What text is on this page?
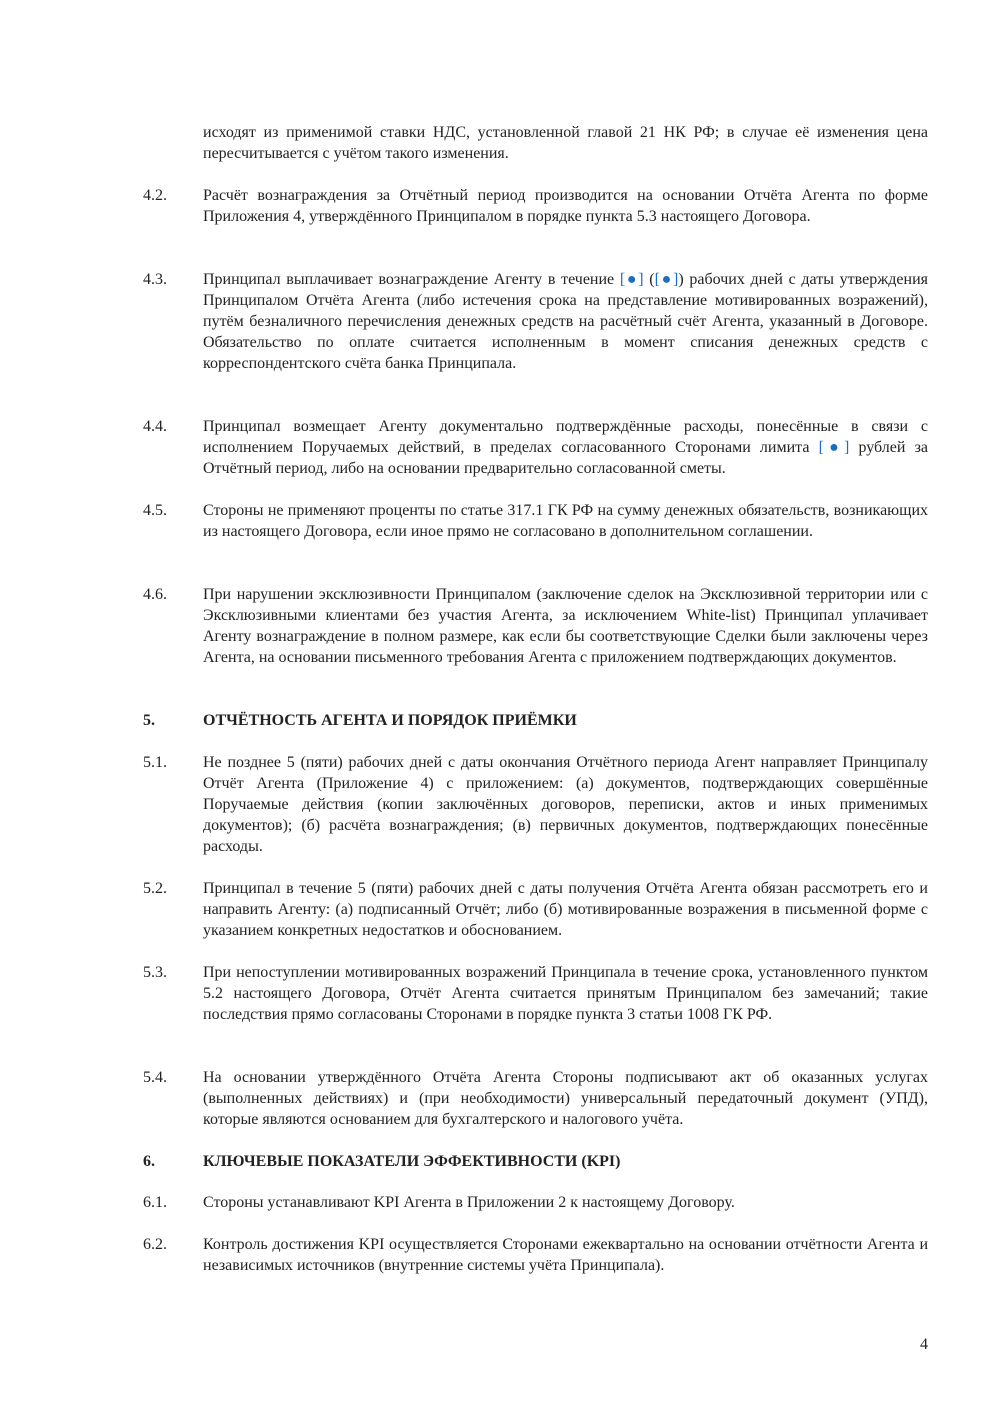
исходят из применимой ставки НДС, установленной главой 21 НК РФ; в случае её изменения цена пересчитывается с учётом такого изменения.
4.2.	Расчёт вознаграждения за Отчётный период производится на основании Отчёта Агента по форме Приложения 4, утверждённого Принципалом в порядке пункта 5.3 настоящего Договора.
4.3.	Принципал выплачивает вознаграждение Агенту в течение [●] ([●]) рабочих дней с даты утверждения Принципалом Отчёта Агента (либо истечения срока на представление мотивированных возражений), путём безналичного перечисления денежных средств на расчётный счёт Агента, указанный в Договоре. Обязательство по оплате считается исполненным в момент списания денежных средств с корреспондентского счёта банка Принципала.
4.4.	Принципал возмещает Агенту документально подтверждённые расходы, понесённые в связи с исполнением Поручаемых действий, в пределах согласованного Сторонами лимита [●] рублей за Отчётный период, либо на основании предварительно согласованной сметы.
4.5.	Стороны не применяют проценты по статье 317.1 ГК РФ на сумму денежных обязательств, возникающих из настоящего Договора, если иное прямо не согласовано в дополнительном соглашении.
4.6.	При нарушении эксклюзивности Принципалом (заключение сделок на Эксклюзивной территории или с Эксклюзивными клиентами без участия Агента, за исключением White-list) Принципал уплачивает Агенту вознаграждение в полном размере, как если бы соответствующие Сделки были заключены через Агента, на основании письменного требования Агента с приложением подтверждающих документов.
5.	ОТЧЁТНОСТЬ АГЕНТА И ПОРЯДОК ПРИЁМКИ
5.1.	Не позднее 5 (пяти) рабочих дней с даты окончания Отчётного периода Агент направляет Принципалу Отчёт Агента (Приложение 4) с приложением: (а) документов, подтверждающих совершённые Поручаемые действия (копии заключённых договоров, переписки, актов и иных применимых документов); (б) расчёта вознаграждения; (в) первичных документов, подтверждающих понесённые расходы.
5.2.	Принципал в течение 5 (пяти) рабочих дней с даты получения Отчёта Агента обязан рассмотреть его и направить Агенту: (а) подписанный Отчёт; либо (б) мотивированные возражения в письменной форме с указанием конкретных недостатков и обоснованием.
5.3.	При непоступлении мотивированных возражений Принципала в течение срока, установленного пунктом 5.2 настоящего Договора, Отчёт Агента считается принятым Принципалом без замечаний; такие последствия прямо согласованы Сторонами в порядке пункта 3 статьи 1008 ГК РФ.
5.4.	На основании утверждённого Отчёта Агента Стороны подписывают акт об оказанных услугах (выполненных действиях) и (при необходимости) универсальный передаточный документ (УПД), которые являются основанием для бухгалтерского и налогового учёта.
6.	КЛЮЧЕВЫЕ ПОКАЗАТЕЛИ ЭФФЕКТИВНОСТИ (KPI)
6.1.	Стороны устанавливают KPI Агента в Приложении 2 к настоящему Договору.
6.2.	Контроль достижения KPI осуществляется Сторонами ежеквартально на основании отчётности Агента и независимых источников (внутренние системы учёта Принципала).
4
